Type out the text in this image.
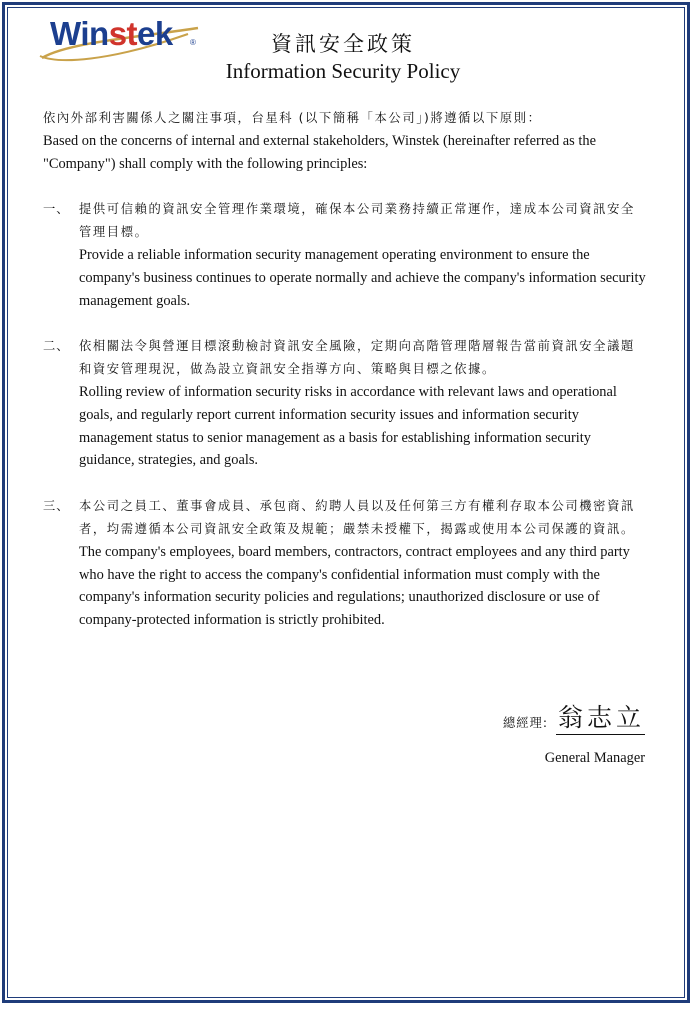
Winstek ®	資訊安全政策
Information Security Policy

依內外部利害關係人之關注事項，台星科 (以下簡稱「本公司」)將遵循以下原則：

Based on the concerns of internal and external stakeholders, Winstek (hereinafter referred as the "Company") shall comply with the following principles:

一、 提供可信賴的資訊安全管理作業環境，確保本公司業務持續正常運作，達成本公司資訊安全管理目標。

Provide a reliable information security management operating environment to ensure the company's business continues to operate normally and achieve the company's information security management goals.

二、 依相關法令與營運目標滾動檢討資訊安全風險，定期向高階管理階層報告當前資訊安全議題和資安管理現況，做為設立資訊安全指導方向、策略與目標之依據。

Rolling review of information security risks in accordance with relevant laws and operational goals, and regularly report current information security issues and information security management status to senior management as a basis for establishing information security guidance, strategies, and goals.

三、 本公司之員工、董事會成員、承包商、約聘人員以及任何第三方有權利存取本公司機密資訊者，均需遵循本公司資訊安全政策及規範；嚴禁未授權下，揭露或使用本公司保護的資訊。

The company's employees, board members, contractors, contract employees and any third party who have the right to access the company's confidential information must comply with the company's information security policies and regulations; unauthorized disclosure or use of company-protected information is strictly prohibited.

總經理: 翁志立
General Manager
